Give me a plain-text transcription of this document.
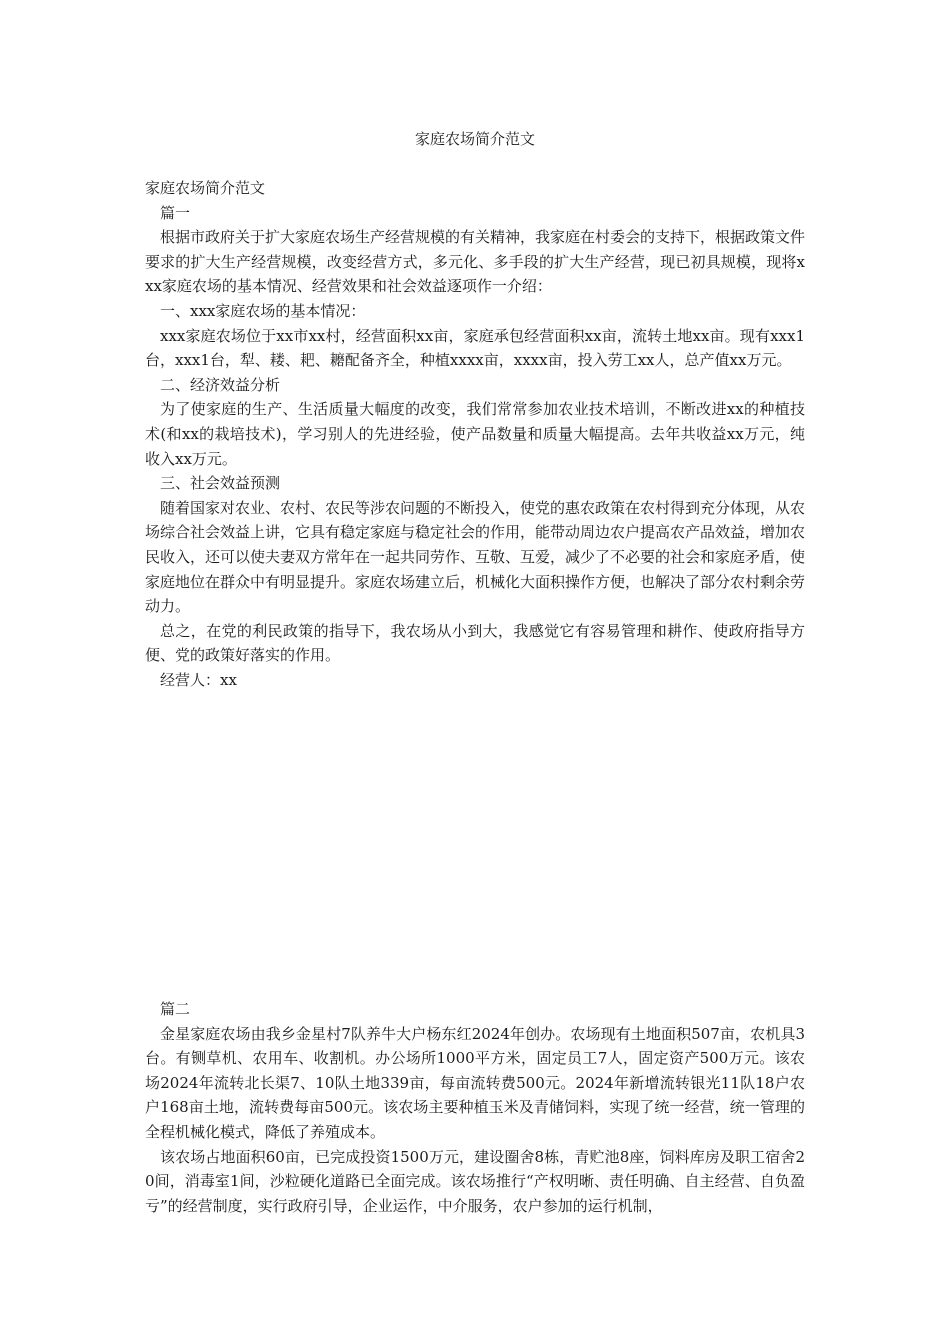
家庭农场简介范文

家庭农场简介范文

篇一

根据市政府关于扩大家庭农场生产经营规模的有关精神，我家庭在村委会的支持下，根据政策文件要求的扩大生产经营规模，改变经营方式，多元化、多手段的扩大生产经营，现已初具规模，现将xxx家庭农场的基本情况、经营效果和社会效益逐项作一介绍：

一、xxx家庭农场的基本情况：

xxx家庭农场位于xx市xx村，经营面积xx亩，家庭承包经营面积xx亩，流转土地xx亩。现有xxx1台，xxx1台，犁、耧、耙、耱配备齐全，种植xxxx亩，xxxx亩，投入劳工xx人，总产值xx万元。

二、经济效益分析

为了使家庭的生产、生活质量大幅度的改变，我们常常参加农业技术培训，不断改进xx的种植技术(和xx的栽培技术)，学习别人的先进经验，使产品数量和质量大幅提高。去年共收益xx万元，纯收入xx万元。

三、社会效益预测

随着国家对农业、农村、农民等涉农问题的不断投入，使党的惠农政策在农村得到充分体现，从农场综合社会效益上讲，它具有稳定家庭与稳定社会的作用，能带动周边农户提高农产品效益，增加农民收入，还可以使夫妻双方常年在一起共同劳作、互敬、互爱，减少了不必要的社会和家庭矛盾，使家庭地位在群众中有明显提升。家庭农场建立后，机械化大面积操作方便，也解决了部分农村剩余劳动力。

总之，在党的利民政策的指导下，我农场从小到大，我感觉它有容易管理和耕作、使政府指导方便、党的政策好落实的作用。

经营人：xx

篇二

金星家庭农场由我乡金星村7队养牛大户杨东红2024年创办。农场现有土地面积507亩，农机具3台。有铡草机、农用车、收割机。办公场所1000平方米，固定员工7人，固定资产500万元。该农场2024年流转北长渠7、10队土地339亩，每亩流转费500元。2024年新增流转银光11队18户农户168亩土地，流转费每亩500元。该农场主要种植玉米及青储饲料，实现了统一经营，统一管理的全程机械化模式，降低了养殖成本。

该农场占地面积60亩，已完成投资1500万元，建设圈舍8栋，青贮池8座，饲料库房及职工宿舍20间，消毒室1间，沙粒硬化道路已全面完成。该农场推行“产权明晰、责任明确、自主经营、自负盈亏”的经营制度，实行政府引导，企业运作，中介服务，农户参加的运行机制，
